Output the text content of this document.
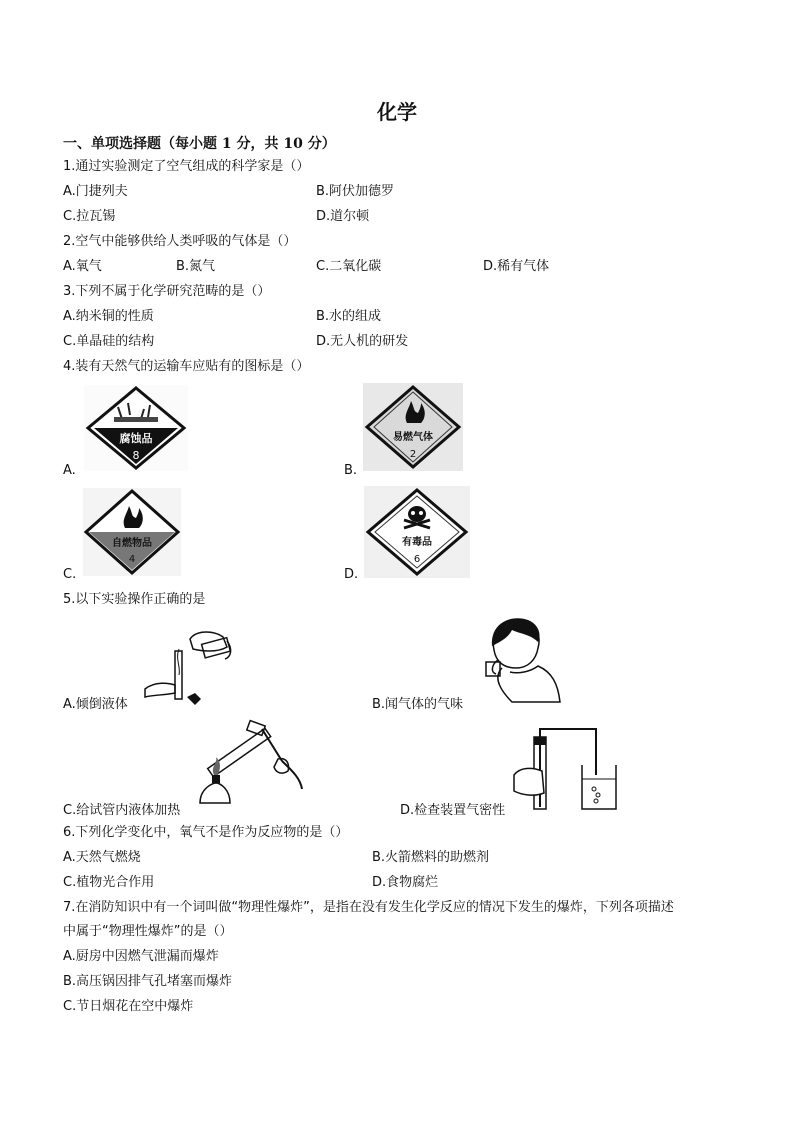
化学
一、单项选择题（每小题 1 分，共 10 分）
1.通过实验测定了空气组成的科学家是（）
A.门捷列夫	B.阿伏加德罗
C.拉瓦锡	D.道尔顿
2.空气中能够供给人类呼吸的气体是（）
A.氧气	B.氮气	C.二氧化碳	D.稀有气体
3.下列不属于化学研究范畴的是（）
A.纳米铜的性质	B.水的组成
C.单晶硅的结构	D.无人机的研发
4.装有天然气的运输车应贴有的图标是（）
腐蚀品
8
A.
易燃气体
2
B.
自燃物品
4
C.
有毒品
6
D.
5.以下实验操作正确的是
A.倾倒液体	B.闻气体的气味
C.给试管内液体加热	D.检查装置气密性
6.下列化学变化中，氧气不是作为反应物的是（）
A.天然气燃烧	B.火箭燃料的助燃剂
C.植物光合作用	D.食物腐烂
7.在消防知识中有一个词叫做“物理性爆炸”，是指在没有发生化学反应的情况下发生的爆炸，下列各项描述
中属于“物理性爆炸”的是（）
A.厨房中因燃气泄漏而爆炸
B.高压锅因排气孔堵塞而爆炸
C.节日烟花在空中爆炸
